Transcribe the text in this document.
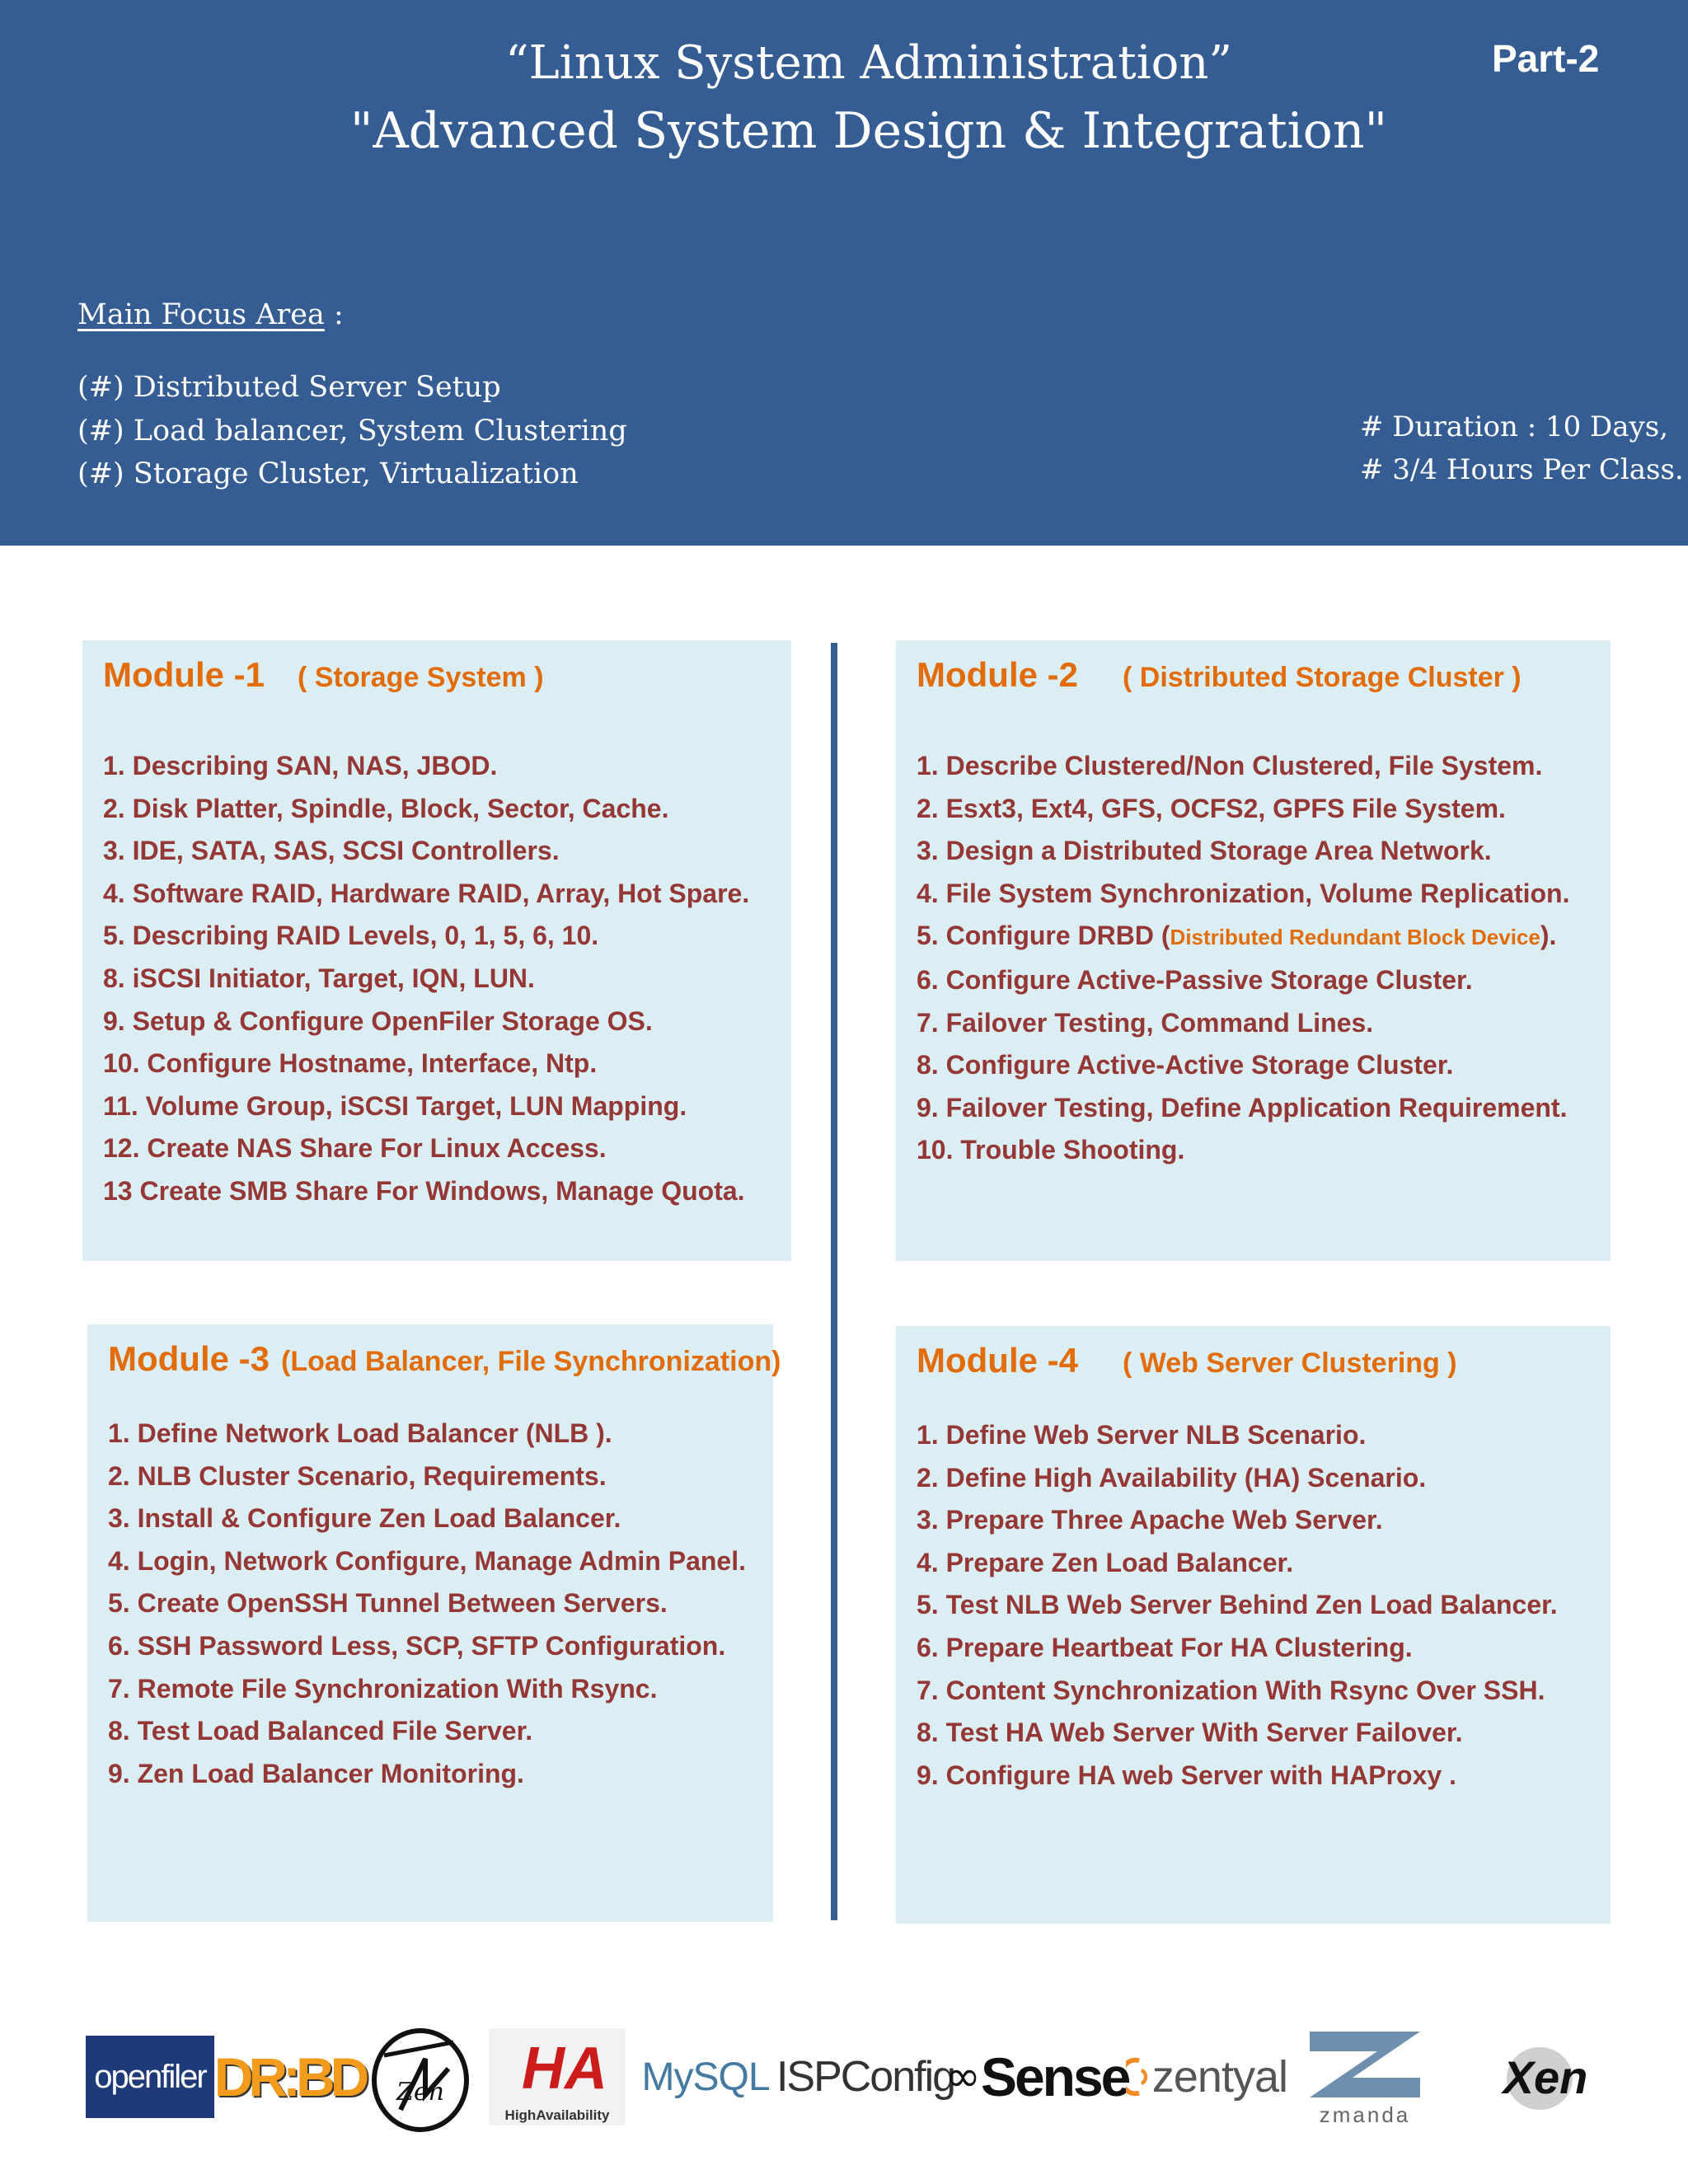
“Linux System Administration”
"Advanced System Design & Integration"
Part-2
Main Focus Area :
(#) Distributed Server Setup
(#) Load balancer, System Clustering
(#) Storage Cluster, Virtualization
# Duration : 10 Days,
# 3/4 Hours Per Class.
Module -1 ( Storage System )
1. Describing SAN, NAS, JBOD.
2. Disk Platter, Spindle, Block, Sector, Cache.
3. IDE, SATA, SAS, SCSI Controllers.
4. Software RAID, Hardware RAID, Array, Hot Spare.
5. Describing RAID Levels, 0, 1, 5, 6, 10.
8. iSCSI Initiator, Target, IQN, LUN.
9. Setup & Configure OpenFiler Storage OS.
10. Configure Hostname, Interface, Ntp.
11. Volume Group, iSCSI Target, LUN Mapping.
12. Create NAS Share For Linux Access.
13 Create SMB Share For Windows, Manage Quota.
Module -2 ( Distributed Storage Cluster )
1. Describe Clustered/Non Clustered, File System.
2. Esxt3, Ext4, GFS, OCFS2, GPFS File System.
3. Design a Distributed Storage Area Network.
4. File System Synchronization, Volume Replication.
5. Configure DRBD (Distributed Redundant Block Device).
6. Configure Active-Passive Storage Cluster.
7. Failover Testing, Command Lines.
8. Configure Active-Active Storage Cluster.
9. Failover Testing, Define Application Requirement.
10. Trouble Shooting.
Module -3 (Load Balancer, File Synchronization)
1. Define Network Load Balancer (NLB ).
2. NLB Cluster Scenario, Requirements.
3. Install & Configure Zen Load Balancer.
4. Login, Network Configure, Manage Admin Panel.
5. Create OpenSSH Tunnel Between Servers.
6. SSH Password Less, SCP, SFTP Configuration.
7. Remote File Synchronization With Rsync.
8. Test Load Balanced File Server.
9. Zen Load Balancer Monitoring.
Module -4 ( Web Server Clustering )
1. Define Web Server NLB Scenario.
2. Define High Availability (HA) Scenario.
3. Prepare Three Apache Web Server.
4. Prepare Zen Load Balancer.
5. Test NLB Web Server Behind Zen Load Balancer.
6. Prepare Heartbeat For HA Clustering.
7. Content Synchronization With Rsync Over SSH.
8. Test HA Web Server With Server Failover.
9. Configure HA web Server with HAProxy .
openfiler DR:BD Zen HA
HighAvailability
MySQL ISPConfig
∞ Sense zentyal
zmanda
Xen
